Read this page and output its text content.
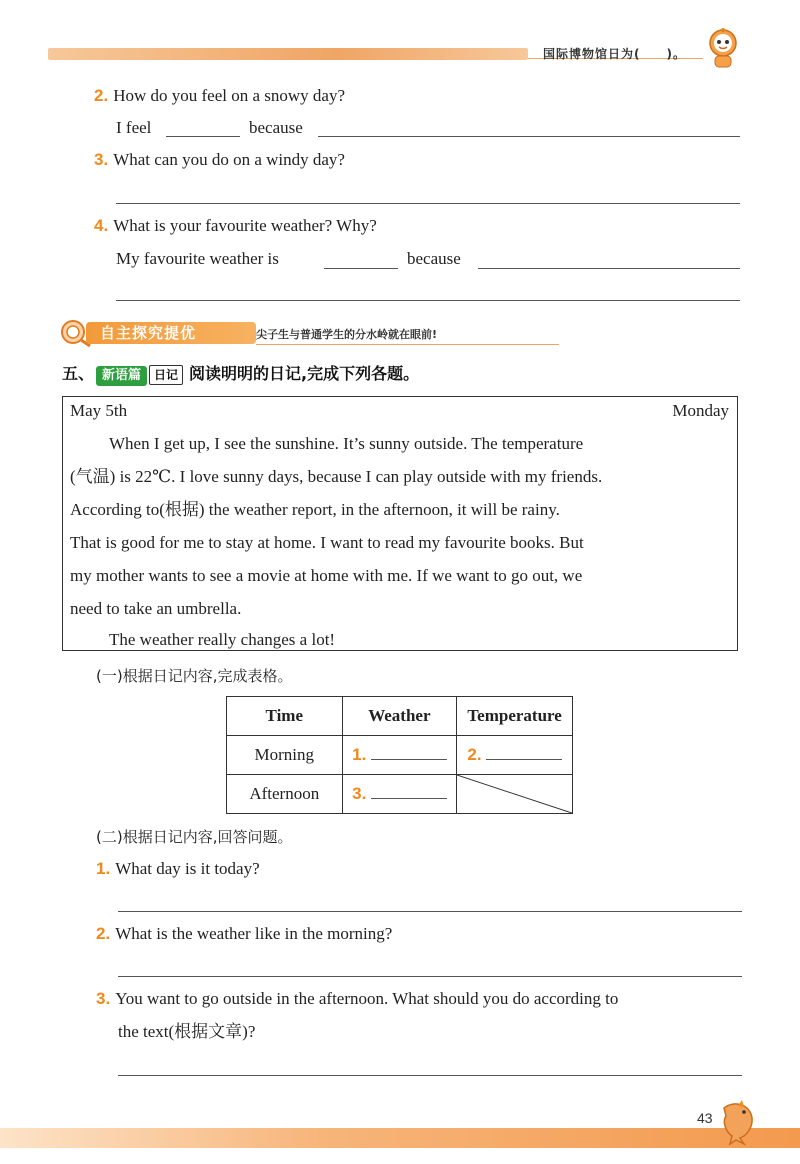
国际博物馆日为( )。
2. How do you feel on a snowy day?
I feel	because
3. What can you do on a windy day?
4. What is your favourite weather? Why?
My favourite weather is	because
自主探究提优	尖子生与普通学生的分水岭就在眼前!
五、 新语篇 日记 阅读明明的日记,完成下列各题。
May 5th	Monday
When I get up, I see the sunshine. It’s sunny outside. The temperature
(气温) is 22℃. I love sunny days, because I can play outside with my friends.
According to(根据) the weather report, in the afternoon, it will be rainy.
That is good for me to stay at home. I want to read my favourite books. But
my mother wants to see a movie at home with me. If we want to go out, we
need to take an umbrella.
The weather really changes a lot!
(一)根据日记内容,完成表格。
Time	Weather	Temperature
Morning	1.	2.
Afternoon	3.	
(二)根据日记内容,回答问题。
1. What day is it today?
2. What is the weather like in the morning?
3. You want to go outside in the afternoon. What should you do according to
the text(根据文章)?
43
